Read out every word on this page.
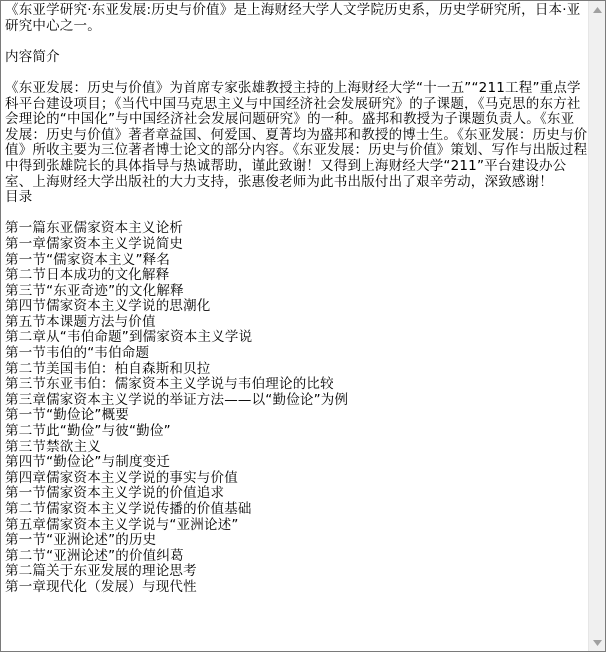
《东亚学研究·东亚发展:历史与价值》是上海财经大学人文学院历史系，历史学研究所，日本·亚研究中心之一。

内容简介

《东亚发展：历史与价值》为首席专家张雄教授主持的上海财经大学“十一五”“211工程”重点学科平台建设项目；《当代中国马克思主义与中国经济社会发展研究》的子课题，《马克思的东方社会理论的“中国化”与中国经济社会发展问题研究》的一种。盛邦和教授为子课题负责人。《东亚发展：历史与价值》著者章益国、何爱国、夏菁均为盛邦和教授的博士生。《东亚发展：历史与价值》所收主要为三位著者博士论文的部分内容。《东亚发展：历史与价值》策划、写作与出版过程中得到张雄院长的具体指导与热诚帮助，谨此致谢！又得到上海财经大学“211”平台建设办公室、上海财经大学出版社的大力支持，张惠俊老师为此书出版付出了艰辛劳动，深致感谢！

目录

第一篇东亚儒家资本主义论析

第一章儒家资本主义学说简史

第一节“儒家资本主义”释名

第二节日本成功的文化解释

第三节“东亚奇迹”的文化解释

第四节儒家资本主义学说的思潮化

第五节本课题方法与价值

第二章从“韦伯命题”到儒家资本主义学说

第一节韦伯的“韦伯命题

第二节美国韦伯：柏自森斯和贝拉

第三节东亚韦伯：儒家资本主义学说与韦伯理论的比较

第三章儒家资本主义学说的举证方法——以“勤俭论”为例

第一节“勤俭论”概要

第二节此“勤俭”与彼“勤俭”

第三节禁欲主义

第四节“勤俭论”与制度变迁

第四章儒家资本主义学说的事实与价值

第一节儒家资本主义学说的价值追求

第二节儒家资本主义学说传播的价值基础

第五章儒家资本主义学说与“亚洲论述”

第一节“亚洲论述”的历史

第二节“亚洲论述”的价值纠葛

第二篇关于东亚发展的理论思考

第一章现代化（发展）与现代性
